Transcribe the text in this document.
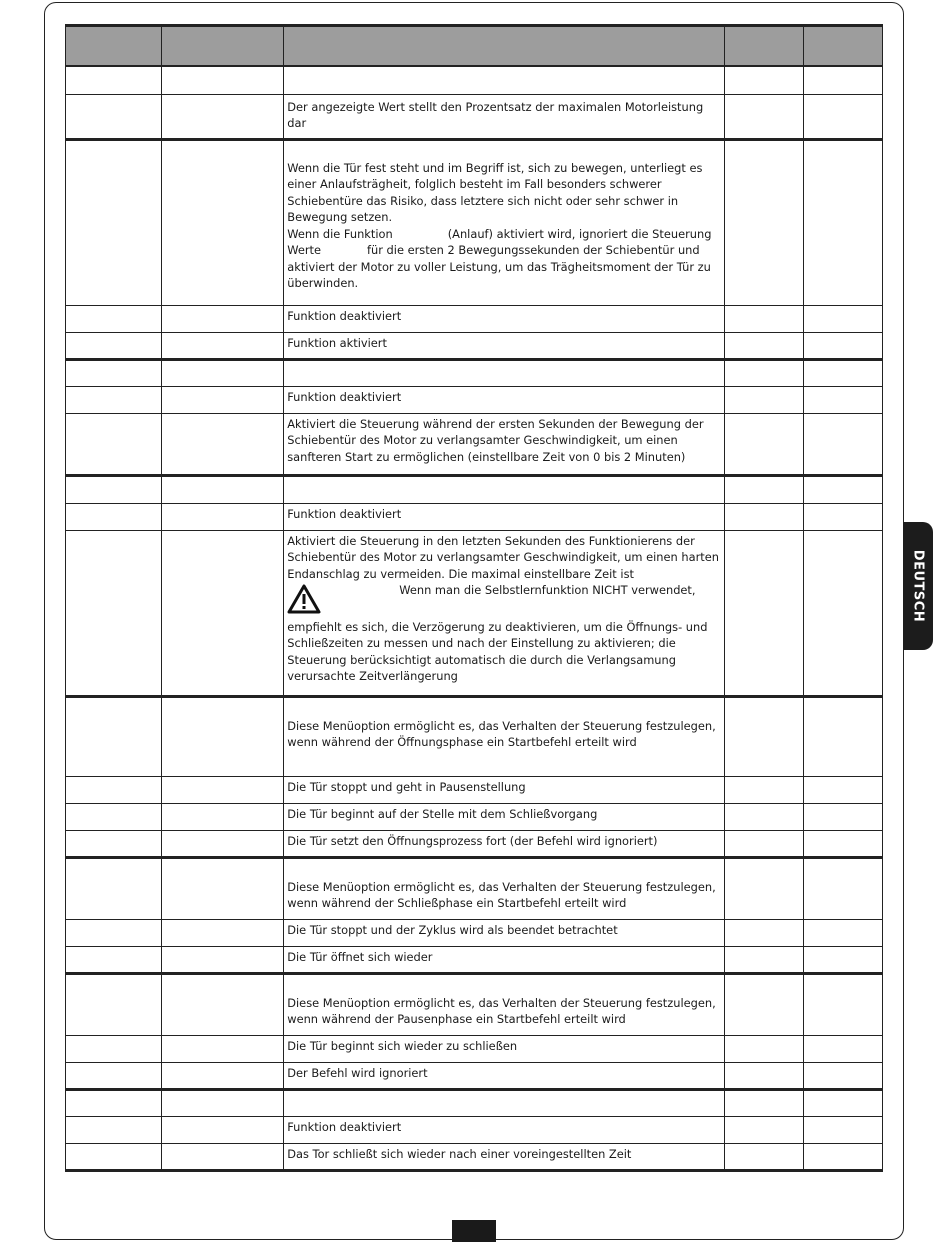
DEUTSCH

		Der angezeigte Wert stellt den Prozentsatz der maximalen Motorleistung dar		
		Wenn die Tür fest steht und im Begriff ist, sich zu bewegen, unterliegt es einer Anlaufsträgheit, folglich besteht im Fall besonders schwerer Schiebentüre das Risiko, dass letztere sich nicht oder sehr schwer in Bewegung setzen.
Wenn die Funktion (Anlauf) aktiviert wird, ignoriert die Steuerung Werte für die ersten 2 Bewegungssekunden der Schiebentür und aktiviert der Motor zu voller Leistung, um das Trägheitsmoment der Tür zu überwinden.		
		Funktion deaktiviert		
		Funktion aktiviert		

		Funktion deaktiviert		
		Aktiviert die Steuerung während der ersten Sekunden der Bewegung der Schiebentür des Motor zu verlangsamter Geschwindigkeit, um einen sanfteren Start zu ermöglichen (einstellbare Zeit von 0 bis 2 Minuten)		

		Funktion deaktiviert		
		Aktiviert die Steuerung in den letzten Sekunden des Funktionierens der Schiebentür des Motor zu verlangsamter Geschwindigkeit, um einen harten Endanschlag zu vermeiden. Die maximal einstellbare Zeit ist
Wenn man die Selbstlernfunktion NICHT verwendet, empfiehlt es sich, die Verzögerung zu deaktivieren, um die Öffnungs- und Schließzeiten zu messen und nach der Einstellung zu aktivieren; die Steuerung berücksichtigt automatisch die durch die Verlangsamung verursachte Zeitverlängerung		
		Diese Menüoption ermöglicht es, das Verhalten der Steuerung festzulegen, wenn während der Öffnungsphase ein Startbefehl erteilt wird		
		Die Tür stoppt und geht in Pausenstellung		
		Die Tür beginnt auf der Stelle mit dem Schließvorgang		
		Die Tür setzt den Öffnungsprozess fort (der Befehl wird ignoriert)		
		Diese Menüoption ermöglicht es, das Verhalten der Steuerung festzulegen, wenn während der Schließphase ein Startbefehl erteilt wird		
		Die Tür stoppt und der Zyklus wird als beendet betrachtet		
		Die Tür öffnet sich wieder		
		Diese Menüoption ermöglicht es, das Verhalten der Steuerung festzulegen, wenn während der Pausenphase ein Startbefehl erteilt wird		
		Die Tür beginnt sich wieder zu schließen		
		Der Befehl wird ignoriert		

		Funktion deaktiviert		
		Das Tor schließt sich wieder nach einer voreingestellten Zeit		
